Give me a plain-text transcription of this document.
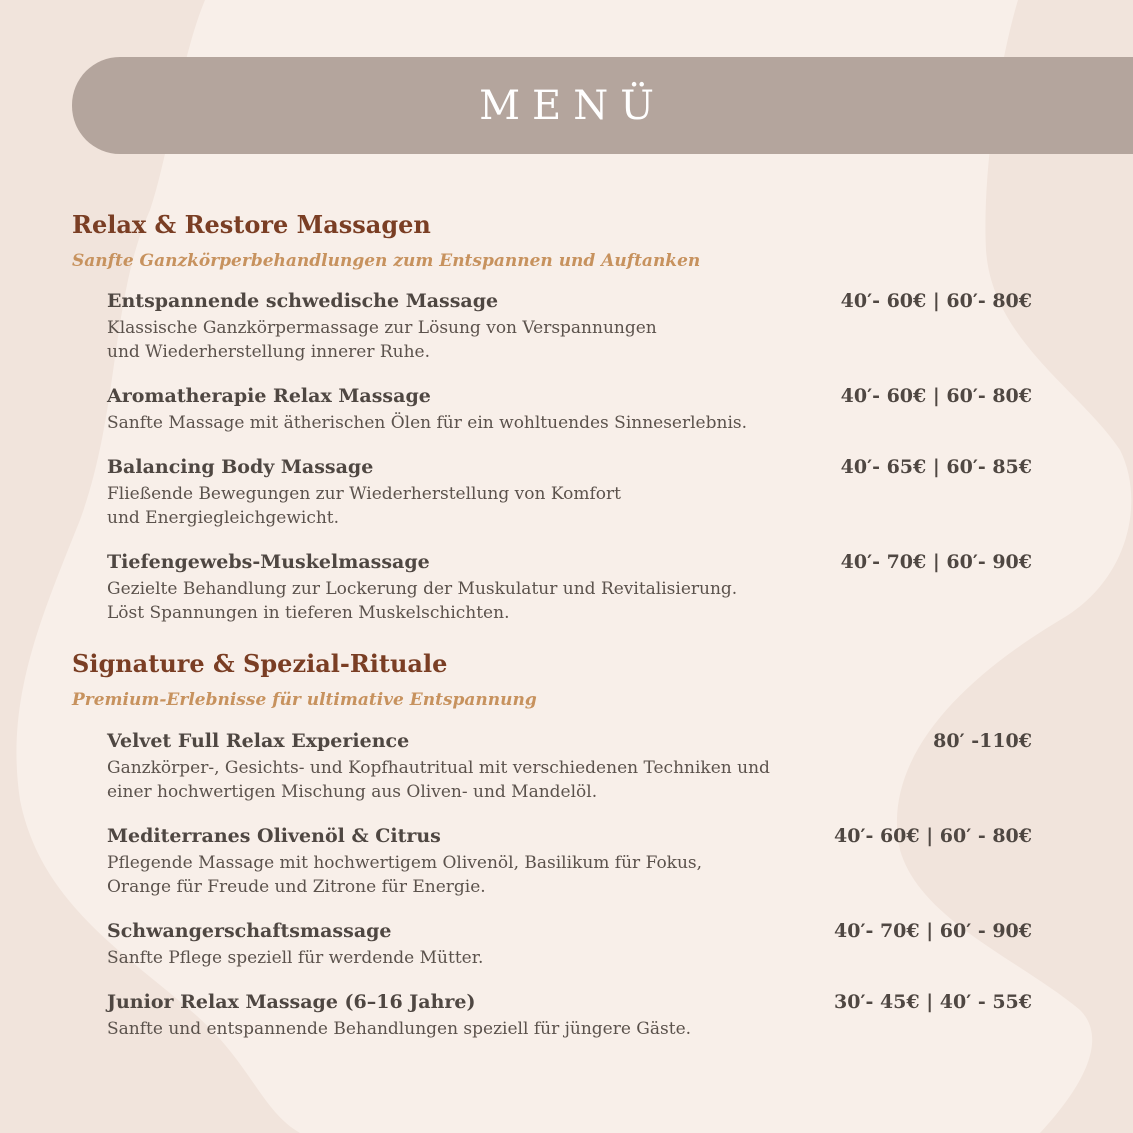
MENÜ
Relax & Restore Massagen
Sanfte Ganzkörperbehandlungen zum Entspannen und Auftanken
Entspannende schwedische Massage	40′- 60€ | 60′- 80€
Klassische Ganzkörpermassage zur Lösung von Verspannungen
und Wiederherstellung innerer Ruhe.
Aromatherapie Relax Massage	40′- 60€ | 60′- 80€
Sanfte Massage mit ätherischen Ölen für ein wohltuendes Sinneserlebnis.
Balancing Body Massage	40′- 65€ | 60′- 85€
Fließende Bewegungen zur Wiederherstellung von Komfort
und Energiegleichgewicht.
Tiefengewebs-Muskelmassage	40′- 70€ | 60′- 90€
Gezielte Behandlung zur Lockerung der Muskulatur und Revitalisierung.
Löst Spannungen in tieferen Muskelschichten.
Signature & Spezial-Rituale
Premium-Erlebnisse für ultimative Entspannung
Velvet Full Relax Experience	80′ -110€
Ganzkörper-, Gesichts- und Kopfhautritual mit verschiedenen Techniken und
einer hochwertigen Mischung aus Oliven- und Mandelöl.
Mediterranes Olivenöl & Citrus	40′- 60€ | 60′ - 80€
Pflegende Massage mit hochwertigem Olivenöl, Basilikum für Fokus,
Orange für Freude und Zitrone für Energie.
Schwangerschaftsmassage	40′- 70€ | 60′ - 90€
Sanfte Pflege speziell für werdende Mütter.
Junior Relax Massage (6–16 Jahre)	30′- 45€ | 40′ - 55€
Sanfte und entspannende Behandlungen speziell für jüngere Gäste.
